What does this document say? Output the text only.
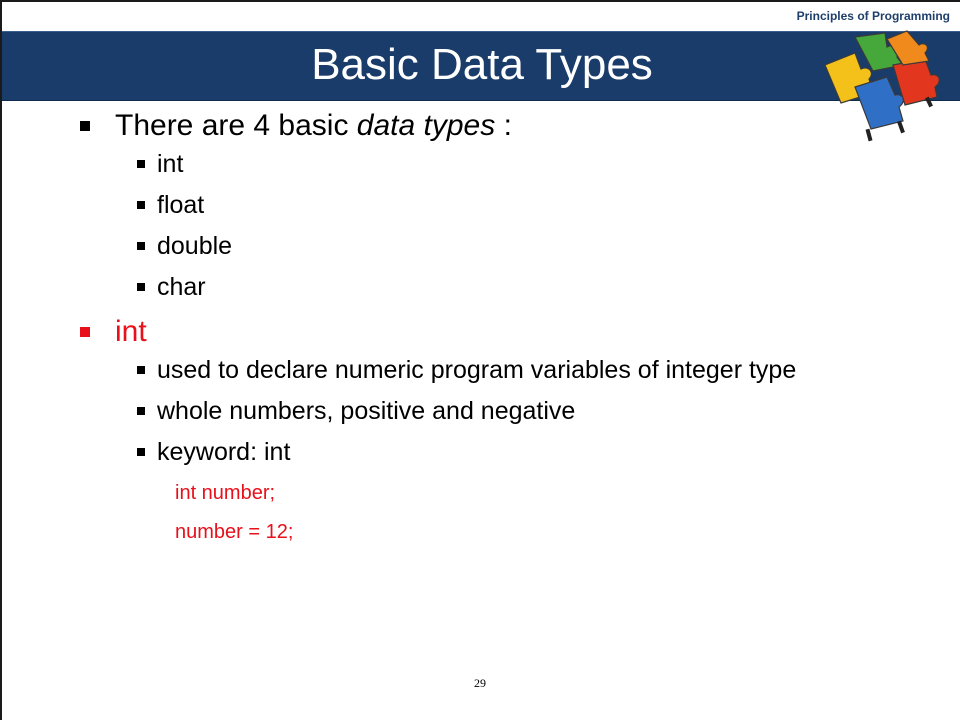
Principles of Programming
Basic Data Types
There are 4 basic data types :
int
float
double
char
int
used to declare numeric program variables of integer type
whole numbers, positive and negative
keyword: int
int number;
number = 12;
29
